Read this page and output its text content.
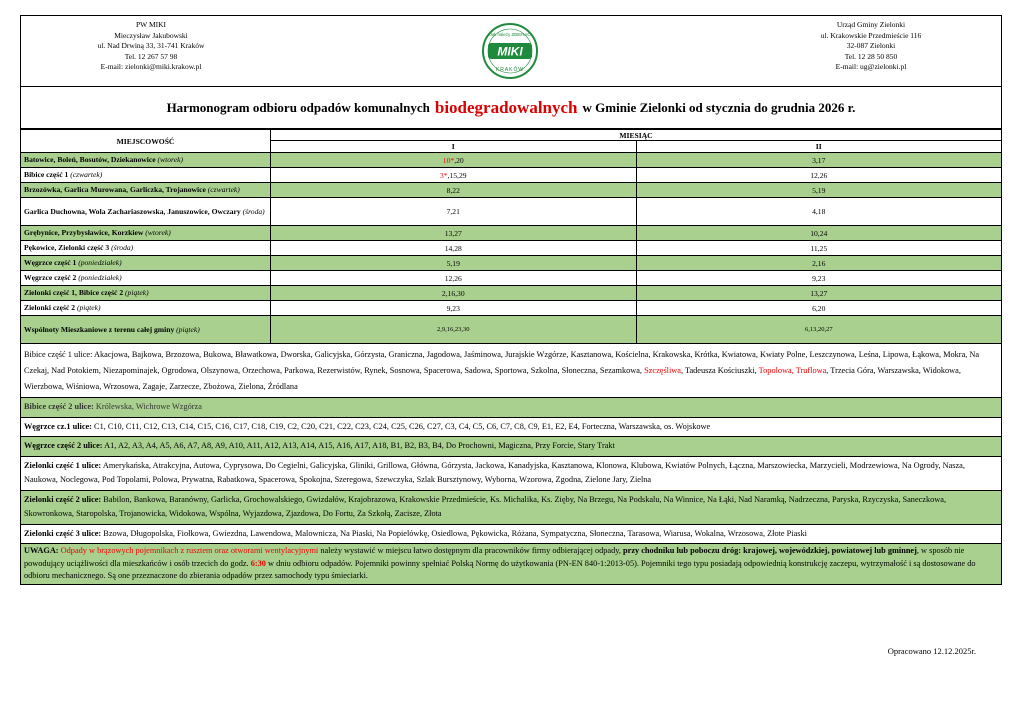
PW MIKI
Mieczysław Jakubowski
ul. Nad Drwiną 33, 31-741 Kraków
Tel. 12 267 57 98
E-mail: zielonki@miki.krakow.pl
MIKI
Jak należy ZBIERAĆ
KRAKÓW
Urząd Gminy Zielonki
ul. Krakowskie Przedmieście 116
32-087 Zielonki
Tel. 12 28 50 850
E-mail: ug@zielonki.pl
Harmonogram odbioru odpadów komunalnych biodegradowalnych w Gminie Zielonki od stycznia do grudnia 2026 r.
MIEJSCOWOŚĆ	MIESIĄC	
	I	II
Batowice, Boleń, Bosutów, Dziekanowice (wtorek)	10*,20	3,17
Bibice część 1 (czwartek)	3*,15,29	12,26
Brzozówka, Garlica Murowana, Garliczka, Trojanowice (czwartek)	8,22	5,19
Garlica Duchowna, Wola Zachariaszowska, Januszowice, Owczary (środa)	7,21	4,18
Grębynice, Przybysławice, Korzkiew (wtorek)	13,27	10,24
Pękowice, Zielonki część 3 (środa)	14,28	11,25
Węgrzce część 1 (poniedziałek)	5,19	2,16
Węgrzce część 2 (poniedziałek)	12,26	9,23
Zielonki część 1, Bibice część 2 (piątek)	2,16,30	13,27
Zielonki część 2 (piątek)	9,23	6,20
Wspólnoty Mieszkaniowe z terenu całej gminy (piątek)	2,9,16,23,30	6,13,20,27
Bibice część 1 ulice: Akacjowa, Bajkowa, Brzozowa, Bukowa, Bławatkowa, Dworska, Galicyjska, Górzysta, Graniczna, Jagodowa, Jaśminowa, Jurajskie Wzgórze, Kasztanowa, Kościelna, Krakowska, Krótka, Kwiatowa, Kwiaty Polne, Leszczynowa, Leśna, Lipowa, Łąkowa, Mokra, Na Czekaj, Nad Potokiem, Niezapominajek, Ogrodowa, Olszynowa, Orzechowa, Parkowa, Rezerwistów, Rynek, Sosnowa, Spacerowa, Sadowa, Sportowa, Szkolna, Słoneczna, Sezamkowa, Szczęśliwa, Tadeusza Kościuszki, Topolowa, Truflowa, Trzecia Góra, Warszawska, Widokowa, Wierzbowa, Wiśniowa, Wrzosowa, Zagaje, Zarzecze, Zbożowa, Zielona, Źródlana
Bibice część 2 ulice: Królewska, Wichrowe Wzgórza
Węgrzce cz.1 ulice: C1, C10, C11, C12, C13, C14, C15, C16, C17, C18, C19, C2, C20, C21, C22, C23, C24, C25, C26, C27, C3, C4, C5, C6, C7, C8, C9, E1, E2, E4, Forteczna, Warszawska, os. Wojskowe
Węgrzce część 2 ulice: A1, A2, A3, A4, A5, A6, A7, A8, A9, A10, A11, A12, A13, A14, A15, A16, A17, A18, B1, B2, B3, B4, Do Prochowni, Magiczna, Przy Forcie, Stary Trakt
Zielonki część 1 ulice: Amerykańska, Atrakcyjna, Autowa, Cyprysowa, Do Cegielni, Galicyjska, Gliniki, Grillowa, Główna, Górzysta, Jackowa, Kanadyjska, Kasztanowa, Klonowa, Klubowa, Kwiatów Polnych, Łączna, Marszowiecka, Marzycieli, Modrzewiowa, Na Ogrody, Nasza, Naukowa, Noclegowa, Pod Topolami, Polowa, Prywatna, Rabatkowa, Spacerowa, Spokojna, Szeregowa, Szewczyka, Szlak Bursztynowy, Wyborna, Wzorowa, Zgodna, Zielone Jary, Zielna
Zielonki część 2 ulice: Babilon, Bankowa, Baranówny, Garlicka, Grochowalskiego, Gwizdałów, Krajobrazowa, Krakowskie Przedmieście, Ks. Michalika, Ks. Zięby, Na Brzegu, Na Podskalu, Na Winnice, Na Łąki, Nad Naramką, Nadrzeczna, Paryska, Rzyczyska, Saneczkowa, Skowronkowa, Staropolska, Trojanowicka, Widokowa, Wspólna, Wyjazdowa, Zjazdowa, Do Fortu, Za Szkołą, Zacisze, Złota
Zielonki część 3 ulice: Bzowa, Długopolska, Fiołkowa, Gwiezdna, Lawendowa, Malownicza, Na Piaski, Na Popielówkę, Osiedlowa, Pękowicka, Różana, Sympatyczna, Słoneczna, Tarasowa, Wiarusa, Wokalna, Wrzosowa, Złote Piaski
UWAGA: Odpady w brązowych pojemnikach z rusztem oraz otworami wentylacyjnymi należy wystawić w miejscu łatwo dostępnym dla pracowników firmy odbierającej odpady, przy chodniku lub poboczu dróg: krajowej, wojewódzkiej, powiatowej lub gminnej, w sposób nie powodujący uciążliwości dla mieszkańców i osób trzecich do godz. 6:30 w dniu odbioru odpadów. Pojemniki powinny spełniać Polską Normę do użytkowania (PN-EN 840-1:2013-05). Pojemniki tego typu posiadają odpowiednią konstrukcję zaczepu, wytrzymałość i są dostosowane do odbioru mechanicznego. Są one przeznaczone do zbierania odpadów przez samochody typu śmieciarki.
Opracowano 12.12.2025r.
